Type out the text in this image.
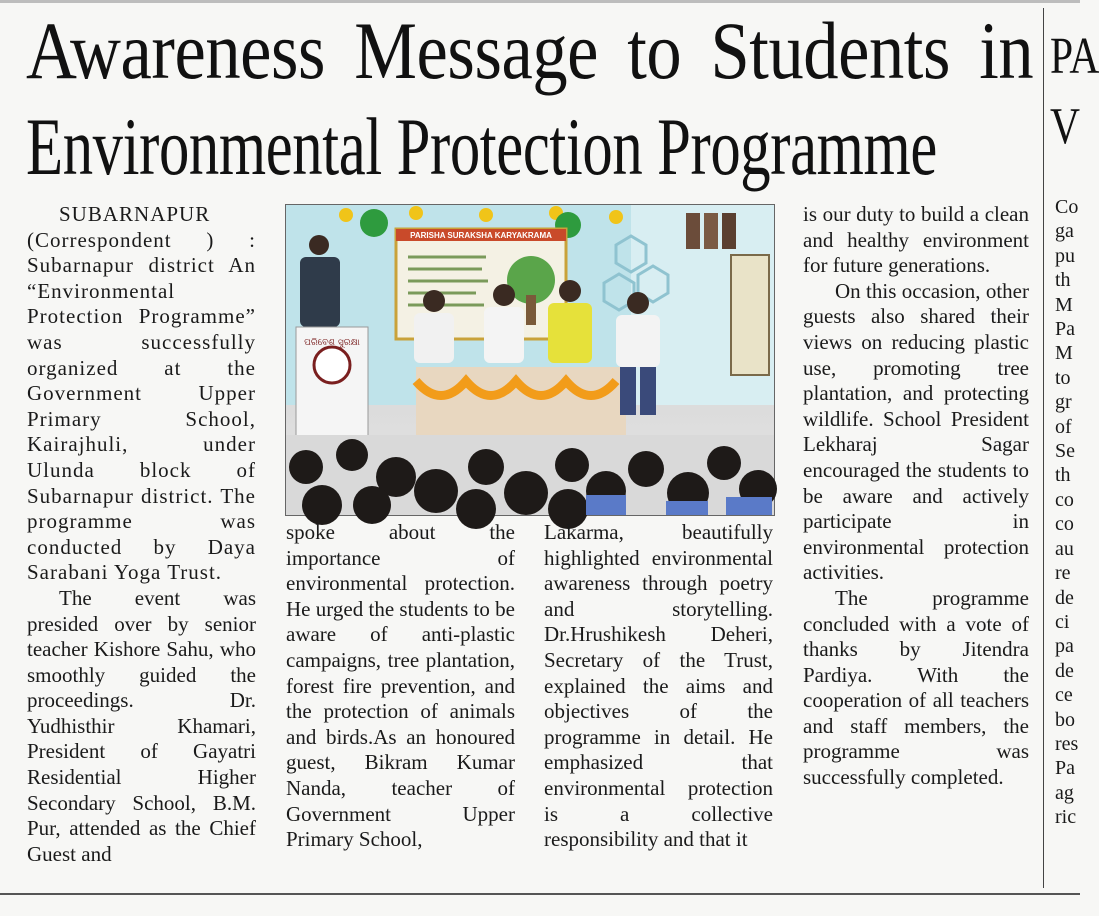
Awareness Message to Students in
Environmental Protection Programme

SUBARNAPUR (Correspondent ) : Subarnapur district An “Environmental Protection Programme” was successfully organized at the Government Upper Primary School, Kairajhuli, under Ulunda block of Subarnapur district. The programme was conducted by Daya Sarabani Yoga Trust.

The event was presided over by senior teacher Kishore Sahu, who smoothly guided the proceedings. Dr. Yudhisthir Khamari, President of Gayatri Residential Higher Secondary School, B.M. Pur, attended as the Chief Guest and

PARISHA SURAKSHA KARYAKRAMA
ପରିବେଶ ସୁରକ୍ଷା

spoke about the importance of environmental protection. He urged the students to be aware of anti-plastic campaigns, tree plantation, forest fire prevention, and the protection of animals and birds.As an honoured guest, Bikram Kumar Nanda, teacher of Government Upper Primary School,

Lakarma, beautifully highlighted environmental awareness through poetry and storytelling. Dr.Hrushikesh Deheri, Secretary of the Trust, explained the aims and objectives of the programme in detail. He emphasized that environmental protection is a collective responsibility and that it

is our duty to build a clean and healthy environment for future generations.

On this occasion, other guests also shared their views on reducing plastic use, promoting tree plantation, and protecting wildlife. School President Lekharaj Sagar encouraged the students to be aware and actively participate in environmental protection activities.

The programme concluded with a vote of thanks by Jitendra Pardiya. With the cooperation of all teachers and staff members, the programme was successfully completed.

PA
V
Co
ga
pu
th
M
Pa
M
to
gr
of
Se
th
co
co
au
re
de
ci
pa
de
ce
bo
res
Pa
ag
ric
